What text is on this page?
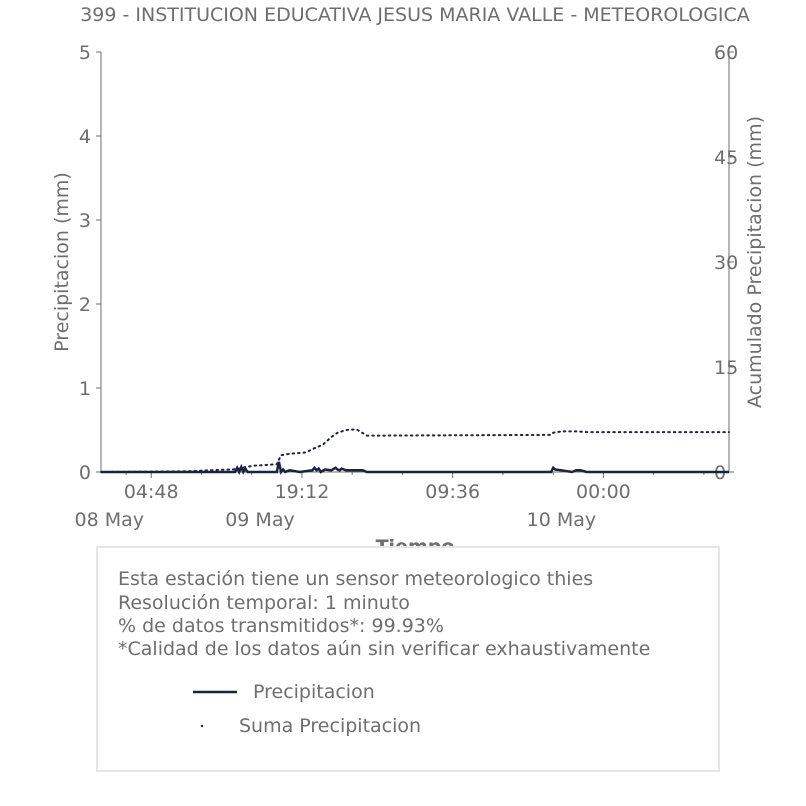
399 - INSTITUCION EDUCATIVA JESUS MARIA VALLE - METEOROLOGICA
0
1
2
3
4
5
0
15
30
45
60
04:48
08 May
19:12
09 May
09:36	00:00
10 May
Precipitacion (mm)	Acumulado Precipitacion (mm)
Esta estación tiene un sensor meteorologico thies
Resolución temporal: 1 minuto
% de datos transmitidos*: 99.93%
*Calidad de los datos aún sin verificar exhaustivamente
Precipitacion
Suma Precipitacion
